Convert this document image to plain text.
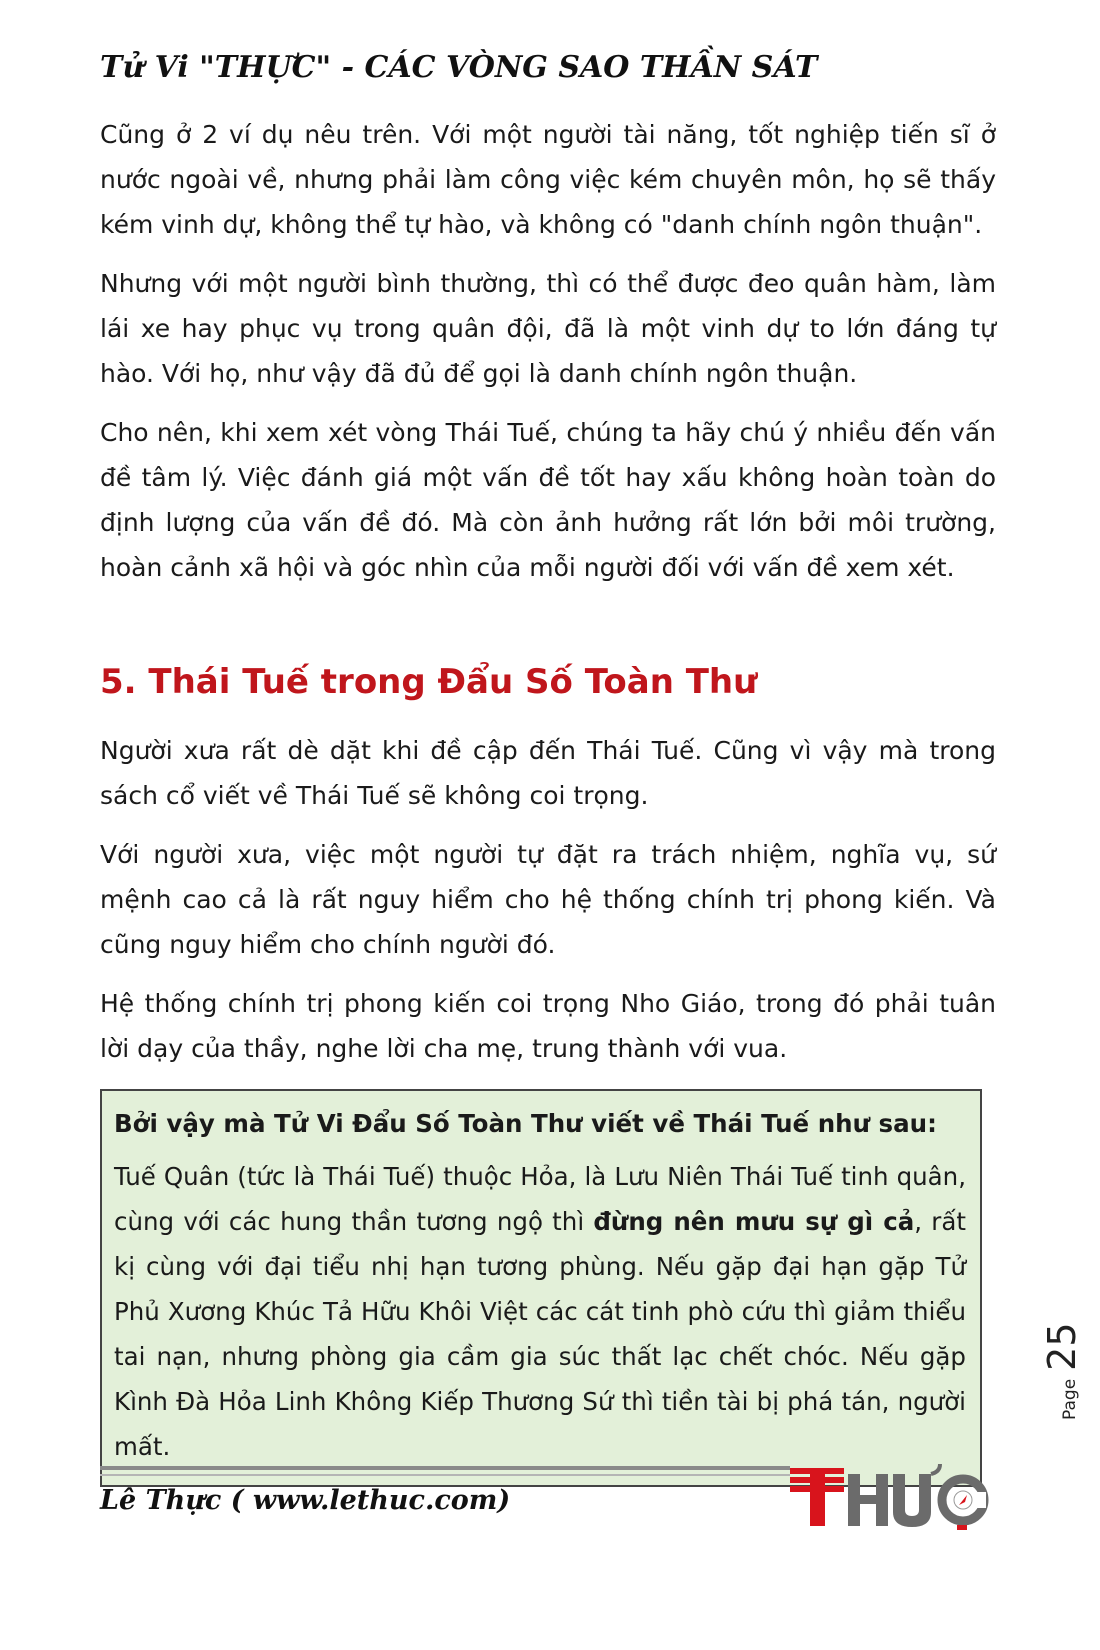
Tử Vi "THỰC" - CÁC VÒNG SAO THẦN SÁT

Cũng ở 2 ví dụ nêu trên. Với một người tài năng, tốt nghiệp tiến sĩ ở nước ngoài về, nhưng phải làm công việc kém chuyên môn, họ sẽ thấy kém vinh dự, không thể tự hào, và không có "danh chính ngôn thuận".

Nhưng với một người bình thường, thì có thể được đeo quân hàm, làm lái xe hay phục vụ trong quân đội, đã là một vinh dự to lớn đáng tự hào. Với họ, như vậy đã đủ để gọi là danh chính ngôn thuận.

Cho nên, khi xem xét vòng Thái Tuế, chúng ta hãy chú ý nhiều đến vấn đề tâm lý. Việc đánh giá một vấn đề tốt hay xấu không hoàn toàn do định lượng của vấn đề đó. Mà còn ảnh hưởng rất lớn bởi môi trường, hoàn cảnh xã hội và góc nhìn của mỗi người đối với vấn đề xem xét.

5. Thái Tuế trong Đẩu Số Toàn Thư

Người xưa rất dè dặt khi đề cập đến Thái Tuế. Cũng vì vậy mà trong sách cổ viết về Thái Tuế sẽ không coi trọng.

Với người xưa, việc một người tự đặt ra trách nhiệm, nghĩa vụ, sứ mệnh cao cả là rất nguy hiểm cho hệ thống chính trị phong kiến. Và cũng nguy hiểm cho chính người đó.

Hệ thống chính trị phong kiến coi trọng Nho Giáo, trong đó phải tuân lời dạy của thầy, nghe lời cha mẹ, trung thành với vua.

Bởi vậy mà Tử Vi Đẩu Số Toàn Thư viết về Thái Tuế như sau:
Tuế Quân (tức là Thái Tuế) thuộc Hỏa, là Lưu Niên Thái Tuế tinh quân, cùng với các hung thần tương ngộ thì đừng nên mưu sự gì cả, rất kị cùng với đại tiểu nhị hạn tương phùng. Nếu gặp đại hạn gặp Tử Phủ Xương Khúc Tả Hữu Khôi Việt các cát tinh phò cứu thì giảm thiểu tai nạn, nhưng phòng gia cầm gia súc thất lạc chết chóc. Nếu gặp Kình Đà Hỏa Linh Không Kiếp Thương Sứ thì tiền tài bị phá tán, người mất.
Page25
Lê Thực ( www.lethuc.com)
